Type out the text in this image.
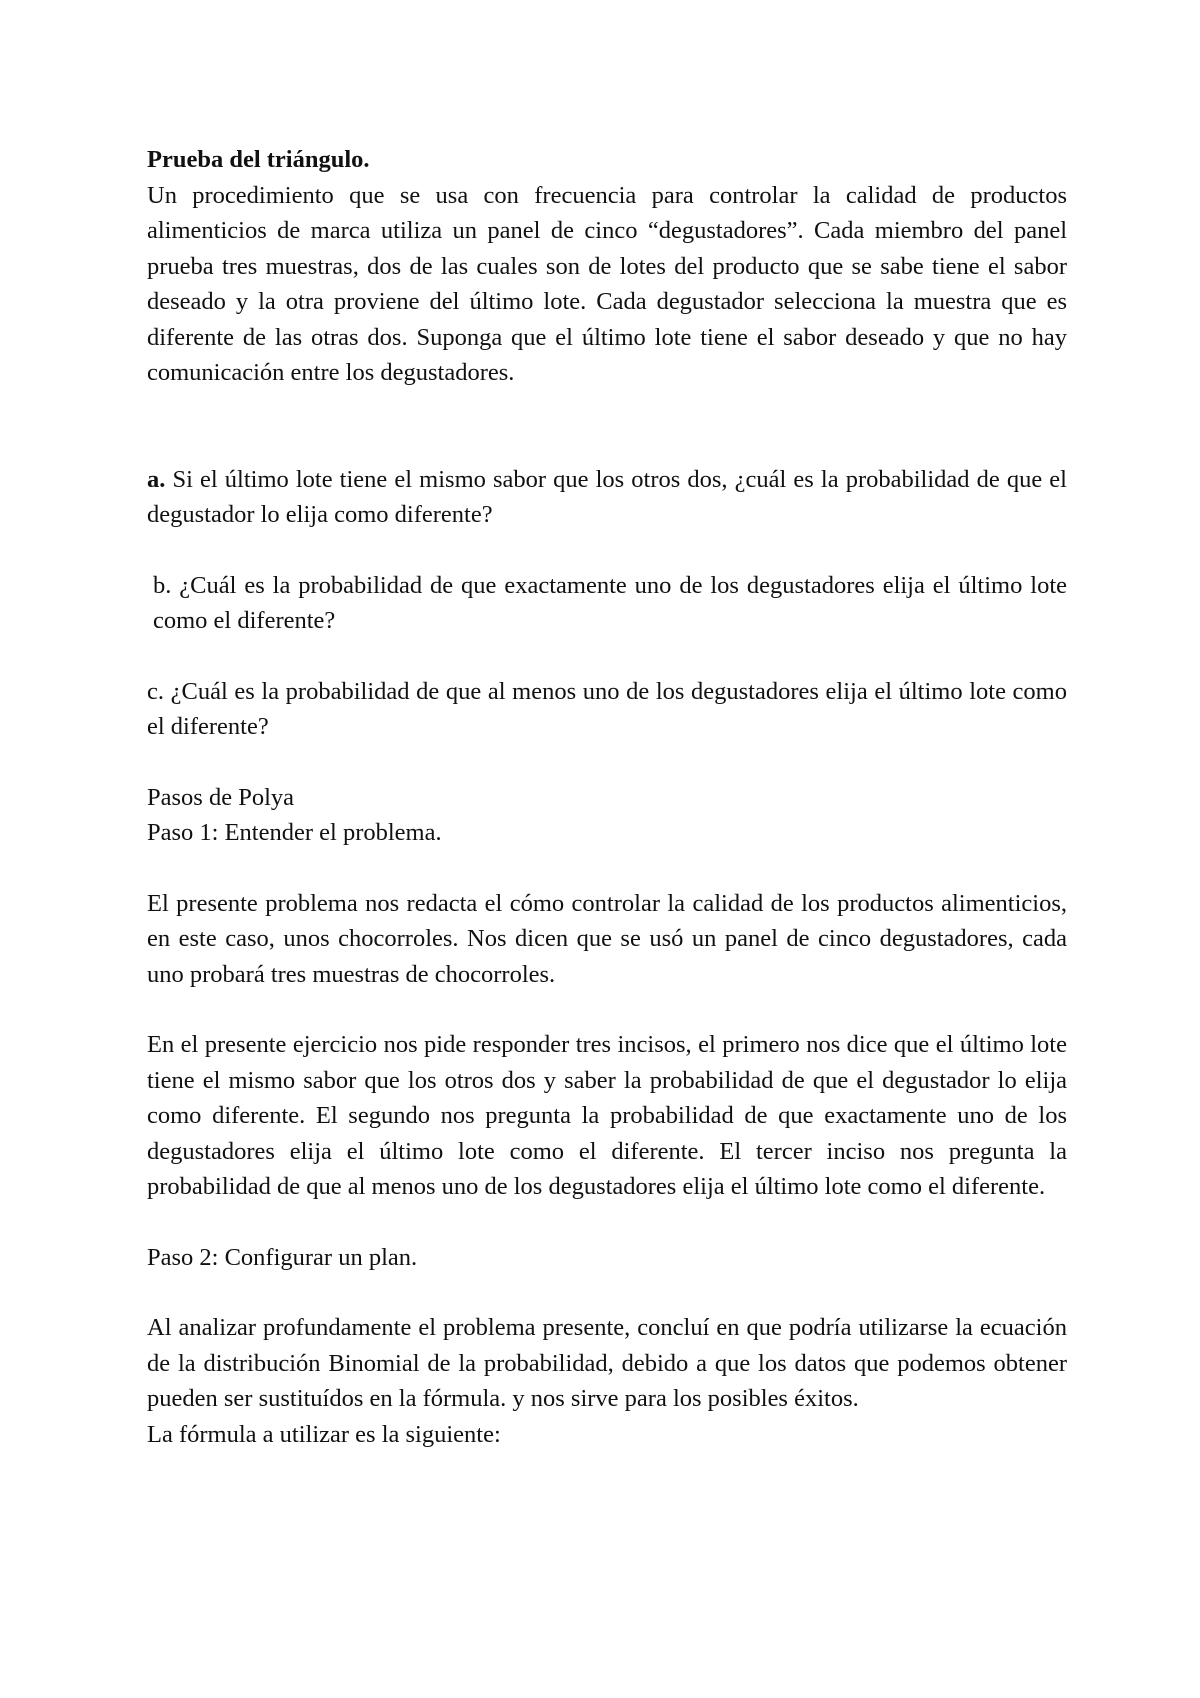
Prueba del triángulo.

Un procedimiento que se usa con frecuencia para controlar la calidad de productos alimenticios de marca utiliza un panel de cinco “degustadores”. Cada miembro del panel prueba tres muestras, dos de las cuales son de lotes del producto que se sabe tiene el sabor deseado y la otra proviene del último lote. Cada degustador selecciona la muestra que es diferente de las otras dos. Suponga que el último lote tiene el sabor deseado y que no hay comunicación entre los degustadores.

a. Si el último lote tiene el mismo sabor que los otros dos, ¿cuál es la probabilidad de que el degustador lo elija como diferente?

b. ¿Cuál es la probabilidad de que exactamente uno de los degustadores elija el último lote como el diferente?

c. ¿Cuál es la probabilidad de que al menos uno de los degustadores elija el último lote como el diferente?

Pasos de Polya

Paso 1: Entender el problema.

El presente problema nos redacta el cómo controlar la calidad de los productos alimenticios, en este caso, unos chocorroles. Nos dicen que se usó un panel de cinco degustadores, cada uno probará tres muestras de chocorroles.

En el presente ejercicio nos pide responder tres incisos, el primero nos dice que el último lote tiene el mismo sabor que los otros dos y saber la probabilidad de que el degustador lo elija como diferente. El segundo nos pregunta la probabilidad de que exactamente uno de los degustadores elija el último lote como el diferente. El tercer inciso nos pregunta la probabilidad de que al menos uno de los degustadores elija el último lote como el diferente.

Paso 2: Configurar un plan.

Al analizar profundamente el problema presente, concluí en que podría utilizarse la ecuación de la distribución Binomial de la probabilidad, debido a que los datos que podemos obtener pueden ser sustituídos en la fórmula. y nos sirve para los posibles éxitos.

La fórmula a utilizar es la siguiente:
